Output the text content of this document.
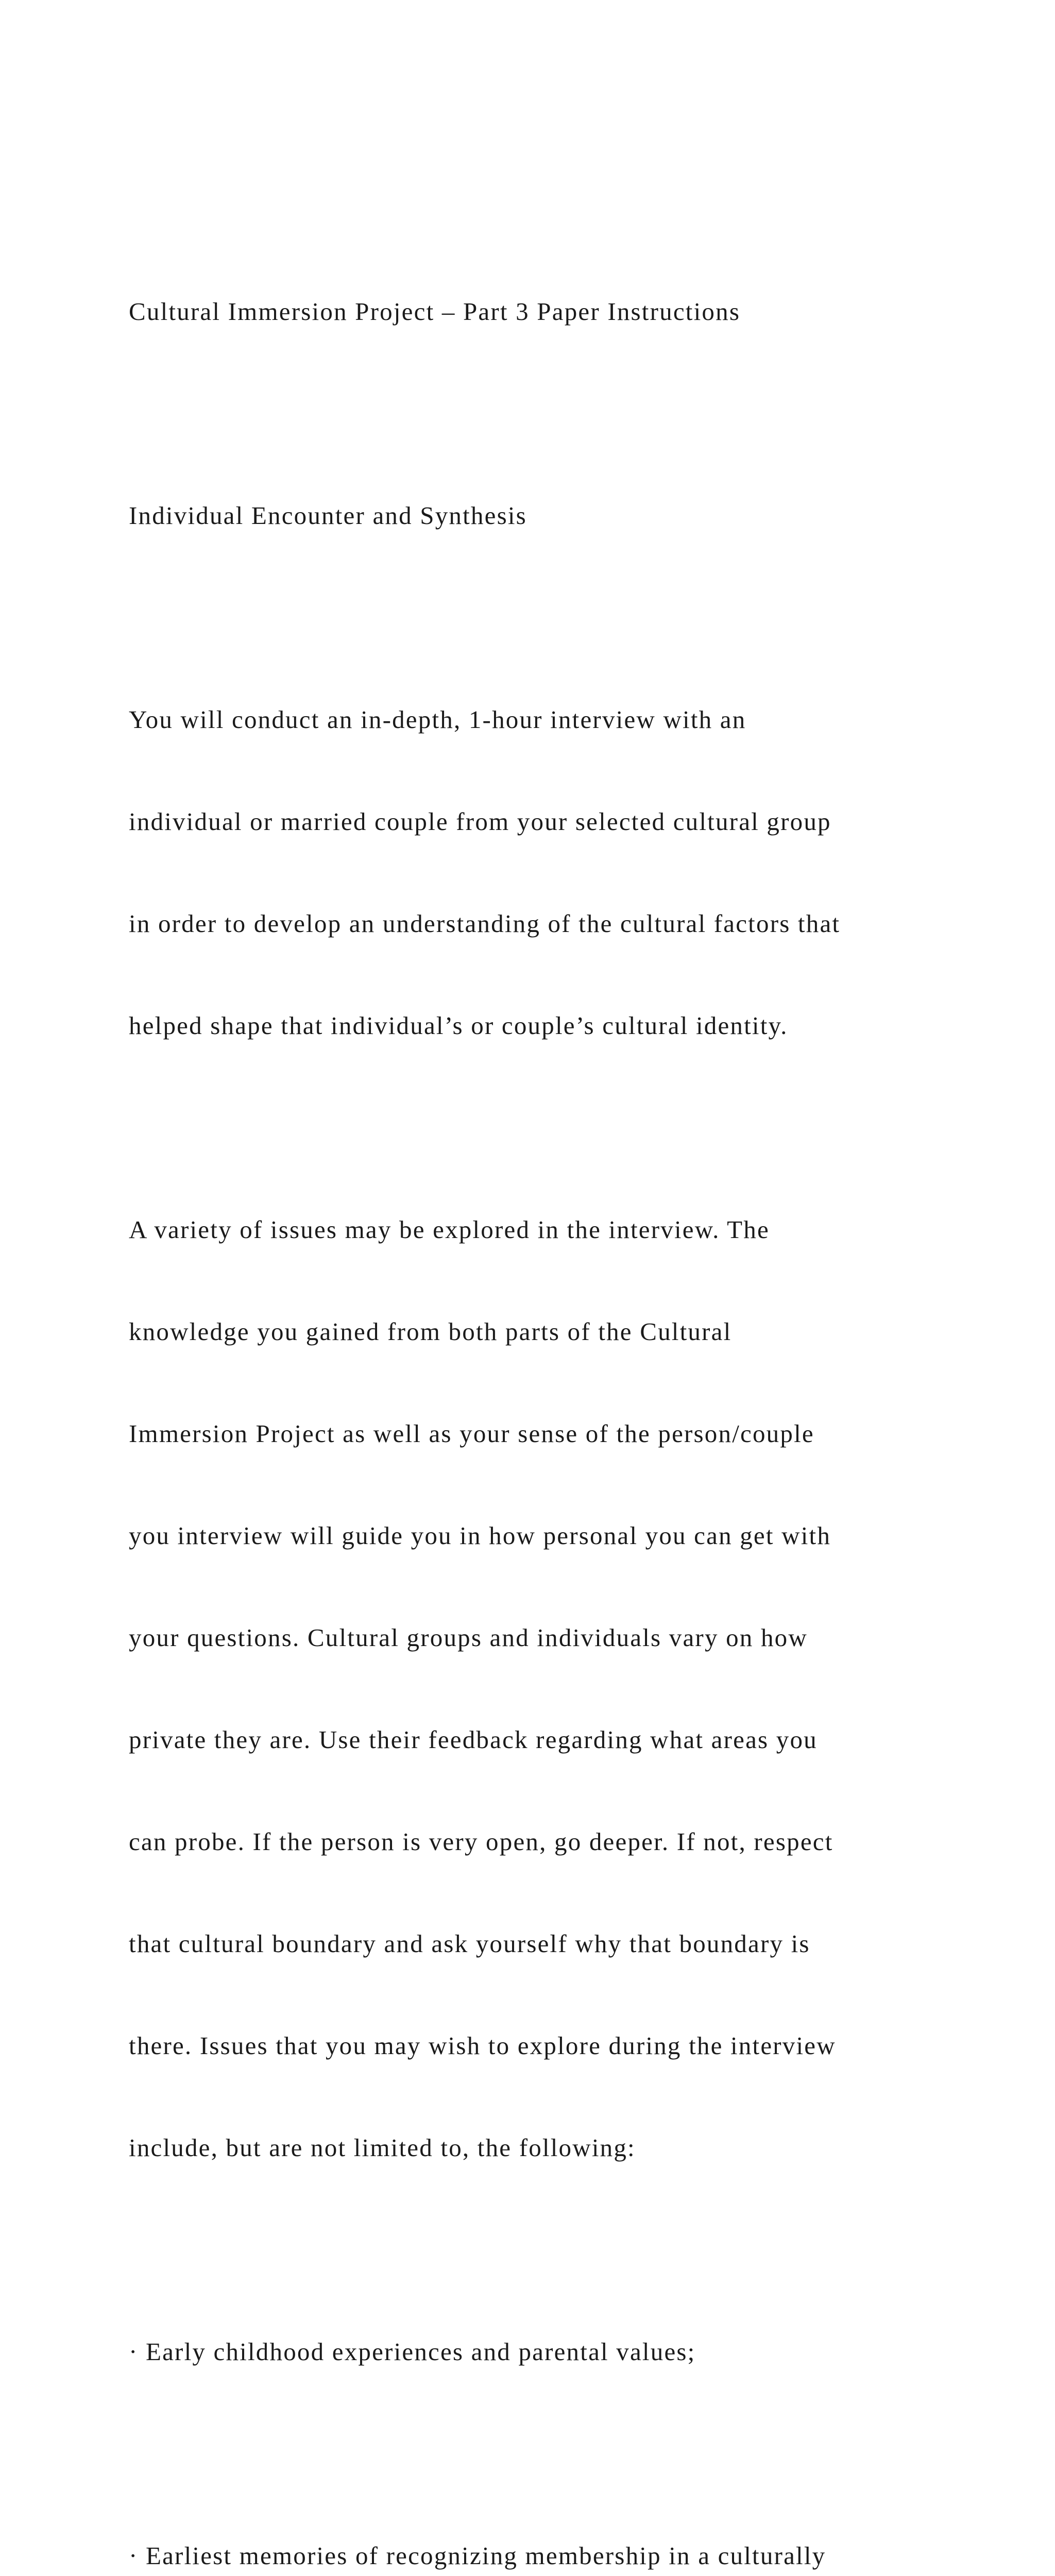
Cultural Immersion Project – Part 3 Paper Instructions

Individual Encounter and Synthesis

You will conduct an in-depth, 1-hour interview with an

individual or married couple from your selected cultural group

in order to develop an understanding of the cultural factors that

helped shape that individual’s or couple’s cultural identity.

A variety of issues may be explored in the interview. The

knowledge you gained from both parts of the Cultural

Immersion Project as well as your sense of the person/couple

you interview will guide you in how personal you can get with

your questions. Cultural groups and individuals vary on how

private they are. Use their feedback regarding what areas you

can probe. If the person is very open, go deeper. If not, respect

that cultural boundary and ask yourself why that boundary is

there. Issues that you may wish to explore during the interview

include, but are not limited to, the following:

· Early childhood experiences and parental values;

· Earliest memories of recognizing membership in a culturally
